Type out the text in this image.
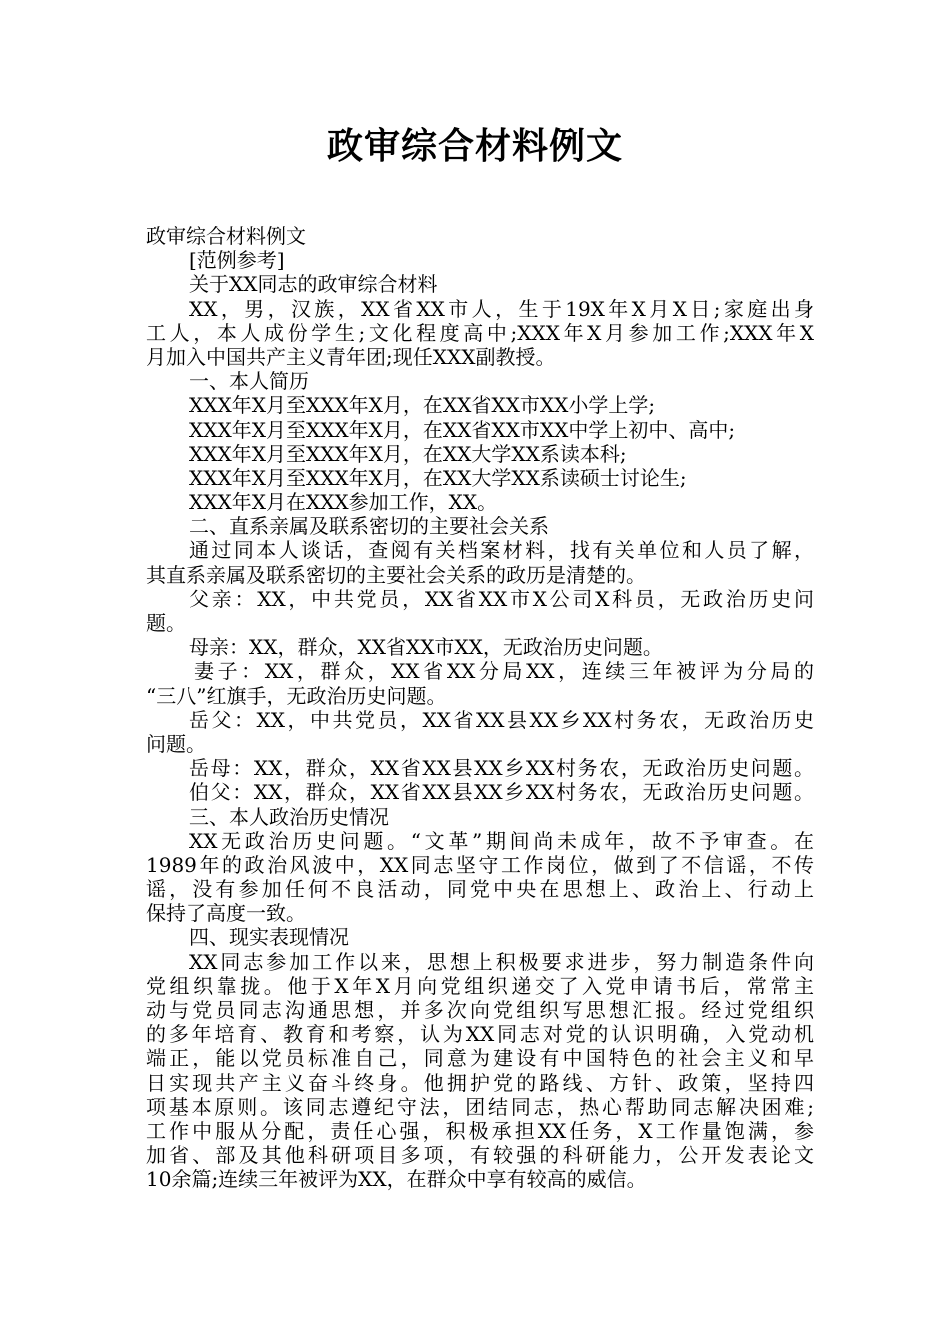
政审综合材料例文
政审综合材料例文
[范例参考]
关于XX同志的政审综合材料
XX，男，汉族，XX省XX市人，生于19X年X月X日;家庭出身
工人，本人成份学生;文化程度高中;XXX年X月参加工作;XXX年X
月加入中国共产主义青年团;现任XXX副教授。
一、本人简历
XXX年X月至XXX年X月，在XX省XX市XX小学上学;
XXX年X月至XXX年X月，在XX省XX市XX中学上初中、高中;
XXX年X月至XXX年X月，在XX大学XX系读本科;
XXX年X月至XXX年X月，在XX大学XX系读硕士讨论生;
XXX年X月在XXX参加工作，XX。
二、直系亲属及联系密切的主要社会关系
通过同本人谈话，查阅有关档案材料，找有关单位和人员了解，
其直系亲属及联系密切的主要社会关系的政历是清楚的。
父亲：XX，中共党员，XX省XX市X公司X科员，无政治历史问
题。
母亲：XX，群众，XX省XX市XX，无政治历史问题。
妻子：XX，群众，XX省XX分局XX，连续三年被评为分局的
“三八”红旗手，无政治历史问题。
岳父：XX，中共党员，XX省XX县XX乡XX村务农，无政治历史
问题。
岳母：XX，群众，XX省XX县XX乡XX村务农，无政治历史问题。
伯父：XX，群众，XX省XX县XX乡XX村务农，无政治历史问题。
三、本人政治历史情况
XX无政治历史问题。“文革”期间尚未成年，故不予审查。在
1989年的政治风波中，XX同志坚守工作岗位，做到了不信谣，不传
谣，没有参加任何不良活动，同党中央在思想上、政治上、行动上
保持了高度一致。
四、现实表现情况
XX同志参加工作以来，思想上积极要求进步，努力制造条件向
党组织靠拢。他于X年X月向党组织递交了入党申请书后，常常主
动与党员同志沟通思想，并多次向党组织写思想汇报。经过党组织
的多年培育、教育和考察，认为XX同志对党的认识明确，入党动机
端正，能以党员标准自己，同意为建设有中国特色的社会主义和早
日实现共产主义奋斗终身。他拥护党的路线、方针、政策，坚持四
项基本原则。该同志遵纪守法，团结同志，热心帮助同志解决困难;
工作中服从分配，责任心强，积极承担XX任务，X工作量饱满，参
加省、部及其他科研项目多项，有较强的科研能力，公开发表论文
10余篇;连续三年被评为XX，在群众中享有较高的威信。
